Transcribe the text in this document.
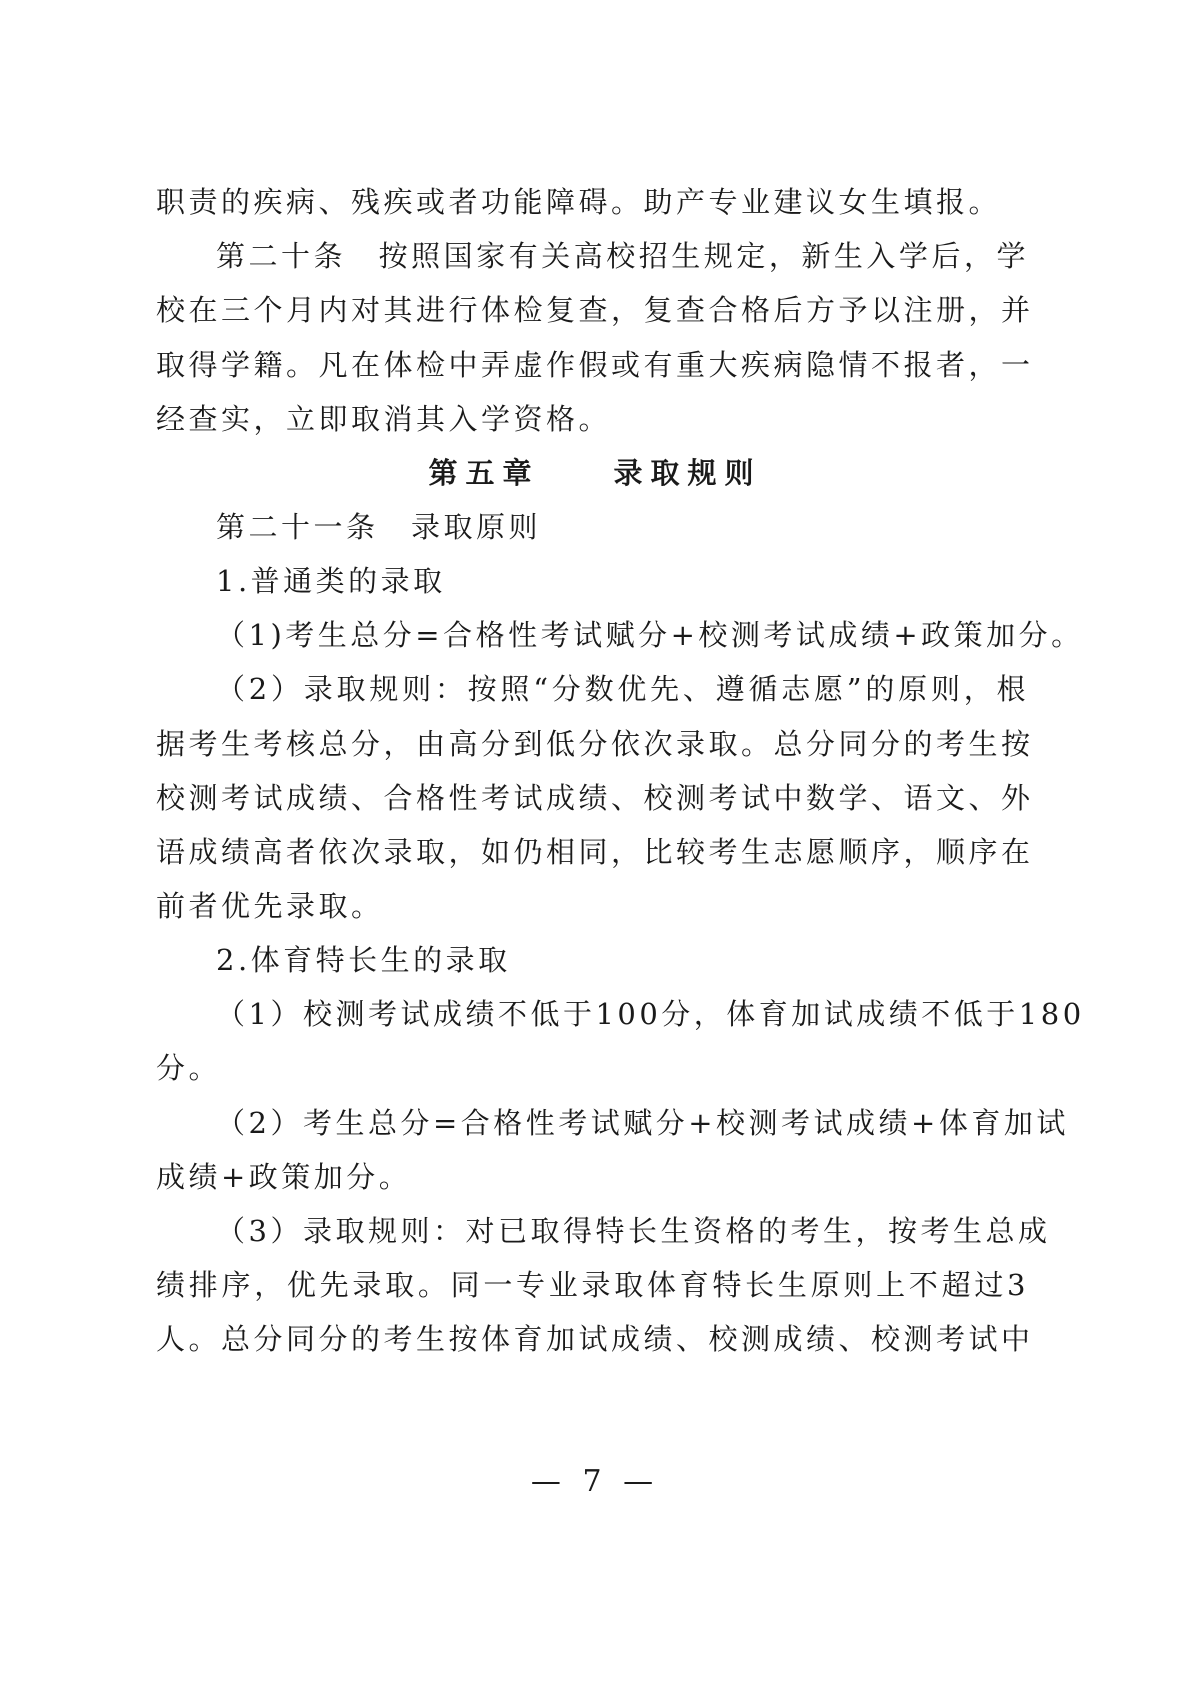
职责的疾病、残疾或者功能障碍。助产专业建议女生填报。
第二十条　按照国家有关高校招生规定，新生入学后，学
校在三个月内对其进行体检复查，复查合格后方予以注册，并
取得学籍。凡在体检中弄虚作假或有重大疾病隐情不报者，一
经查实，立即取消其入学资格。
第五章　　录取规则
第二十一条　录取原则
1.普通类的录取
（1)考生总分=合格性考试赋分+校测考试成绩+政策加分。
（2）录取规则：按照“分数优先、遵循志愿”的原则，根
据考生考核总分，由高分到低分依次录取。总分同分的考生按
校测考试成绩、合格性考试成绩、校测考试中数学、语文、外
语成绩高者依次录取，如仍相同，比较考生志愿顺序，顺序在
前者优先录取。
2.体育特长生的录取
（1）校测考试成绩不低于100分，体育加试成绩不低于180
分。
（2）考生总分=合格性考试赋分+校测考试成绩+体育加试
成绩+政策加分。
（3）录取规则：对已取得特长生资格的考生，按考生总成
绩排序，优先录取。同一专业录取体育特长生原则上不超过3
人。总分同分的考生按体育加试成绩、校测成绩、校测考试中
— 7 —
